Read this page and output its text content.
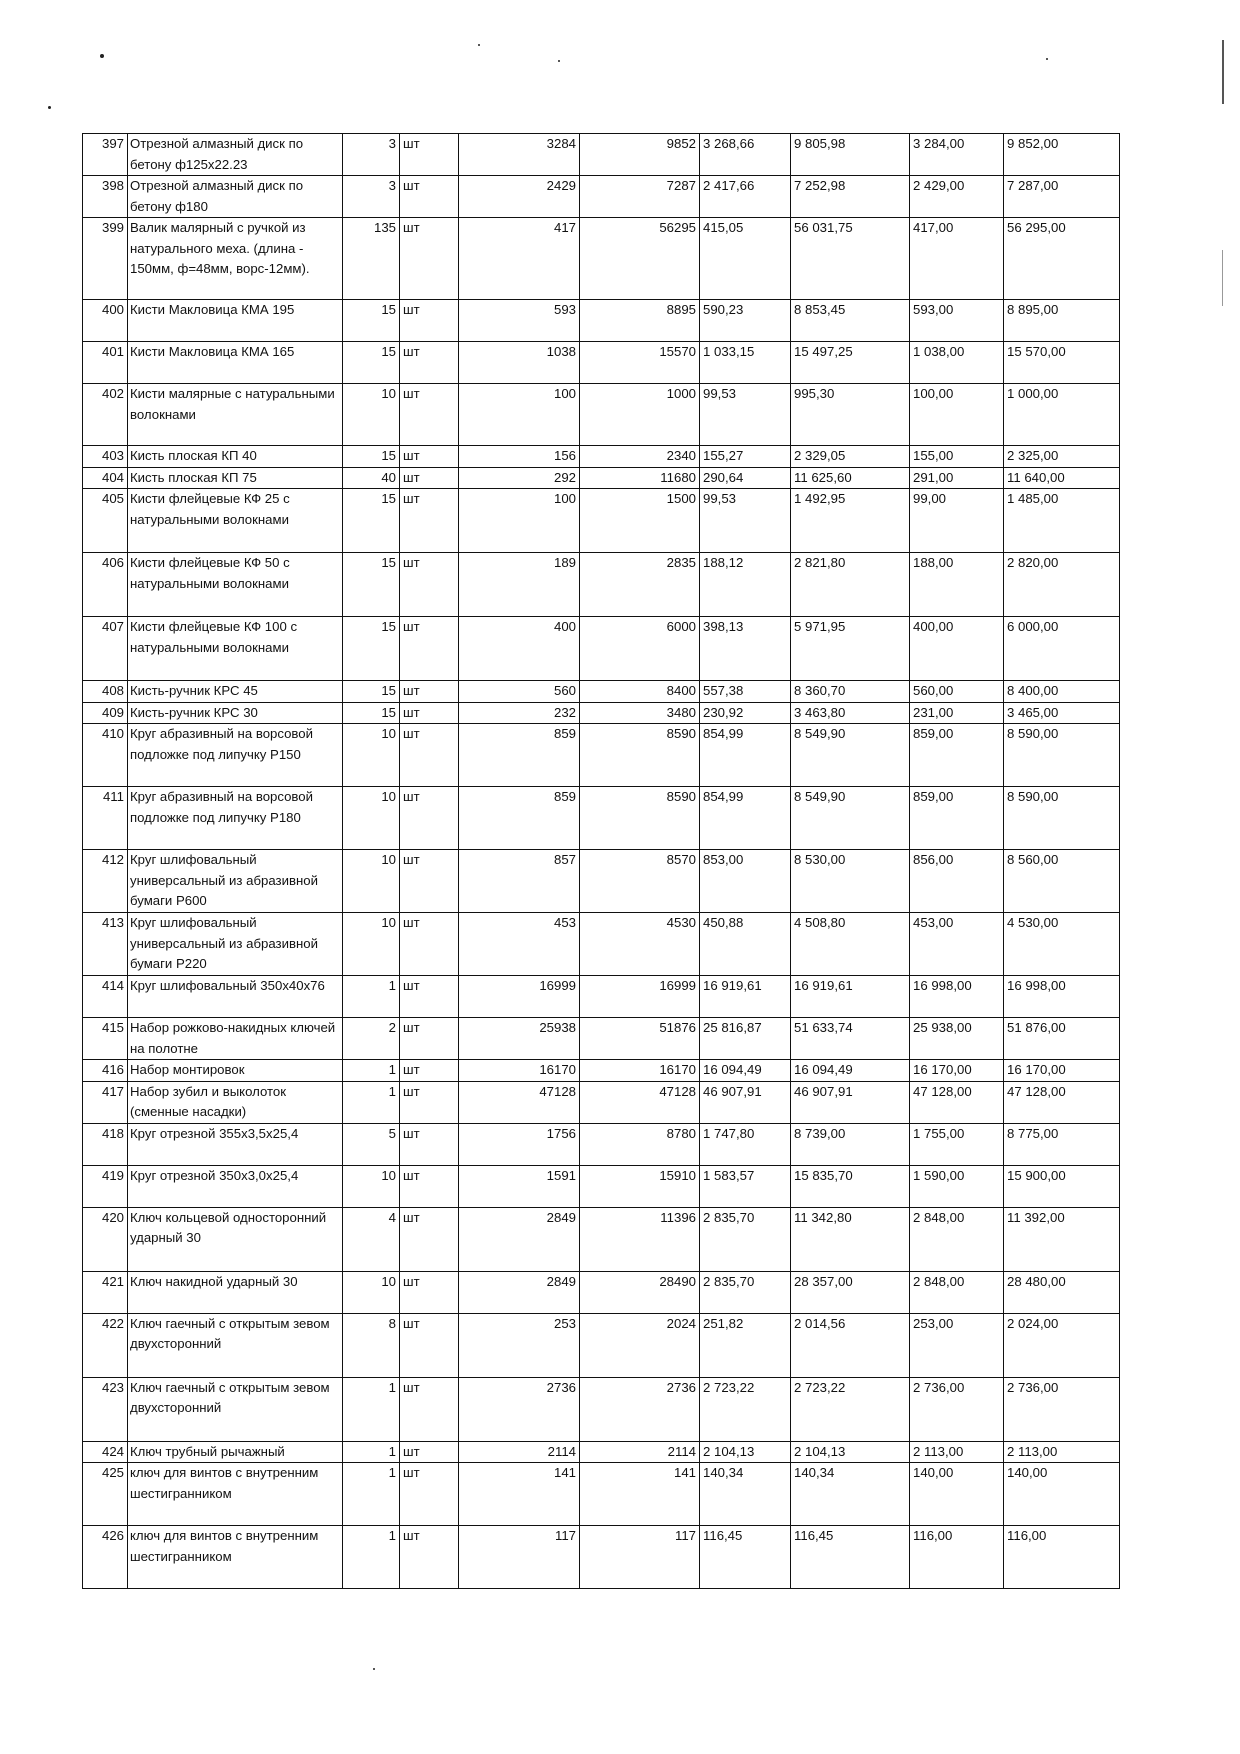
397	Отрезной алмазный диск по бетону ф125х22.23	3	шт	3284	9852	3 268,66	9 805,98	3 284,00	9 852,00
398	Отрезной алмазный диск по бетону ф180	3	шт	2429	7287	2 417,66	7 252,98	2 429,00	7 287,00
399	Валик малярный с ручкой из натурального меха. (длина - 150мм, ф=48мм, ворс-12мм).	135	шт	417	56295	415,05	56 031,75	417,00	56 295,00
400	Кисти Макловица КМА 195	15	шт	593	8895	590,23	8 853,45	593,00	8 895,00
401	Кисти Макловица КМА 165	15	шт	1038	15570	1 033,15	15 497,25	1 038,00	15 570,00
402	Кисти малярные с натуральными волокнами	10	шт	100	1000	99,53	995,30	100,00	1 000,00
403	Кисть плоская КП 40	15	шт	156	2340	155,27	2 329,05	155,00	2 325,00
404	Кисть плоская КП 75	40	шт	292	11680	290,64	11 625,60	291,00	11 640,00
405	Кисти флейцевые КФ 25 с натуральными волокнами	15	шт	100	1500	99,53	1 492,95	99,00	1 485,00
406	Кисти флейцевые КФ 50 с натуральными волокнами	15	шт	189	2835	188,12	2 821,80	188,00	2 820,00
407	Кисти флейцевые КФ 100 с натуральными волокнами	15	шт	400	6000	398,13	5 971,95	400,00	6 000,00
408	Кисть-ручник КРС 45	15	шт	560	8400	557,38	8 360,70	560,00	8 400,00
409	Кисть-ручник КРС 30	15	шт	232	3480	230,92	3 463,80	231,00	3 465,00
410	Круг абразивный на ворсовой подложке под липучку Р150	10	шт	859	8590	854,99	8 549,90	859,00	8 590,00
411	Круг абразивный на ворсовой подложке под липучку Р180	10	шт	859	8590	854,99	8 549,90	859,00	8 590,00
412	Круг шлифовальный универсальный из абразивной бумаги Р600	10	шт	857	8570	853,00	8 530,00	856,00	8 560,00
413	Круг шлифовальный универсальный из абразивной бумаги Р220	10	шт	453	4530	450,88	4 508,80	453,00	4 530,00
414	Круг шлифовальный 350х40х76	1	шт	16999	16999	16 919,61	16 919,61	16 998,00	16 998,00
415	Набор рожково-накидных ключей на полотне	2	шт	25938	51876	25 816,87	51 633,74	25 938,00	51 876,00
416	Набор монтировок	1	шт	16170	16170	16 094,49	16 094,49	16 170,00	16 170,00
417	Набор зубил и выколоток (сменные насадки)	1	шт	47128	47128	46 907,91	46 907,91	47 128,00	47 128,00
418	Круг отрезной 355х3,5х25,4	5	шт	1756	8780	1 747,80	8 739,00	1 755,00	8 775,00
419	Круг отрезной 350х3,0х25,4	10	шт	1591	15910	1 583,57	15 835,70	1 590,00	15 900,00
420	Ключ кольцевой односторонний ударный 30	4	шт	2849	11396	2 835,70	11 342,80	2 848,00	11 392,00
421	Ключ накидной ударный 30	10	шт	2849	28490	2 835,70	28 357,00	2 848,00	28 480,00
422	Ключ гаечный с открытым зевом двухсторонний	8	шт	253	2024	251,82	2 014,56	253,00	2 024,00
423	Ключ гаечный с открытым зевом двухсторонний	1	шт	2736	2736	2 723,22	2 723,22	2 736,00	2 736,00
424	Ключ трубный рычажный	1	шт	2114	2114	2 104,13	2 104,13	2 113,00	2 113,00
425	ключ для винтов с внутренним шестигранником	1	шт	141	141	140,34	140,34	140,00	140,00
426	ключ для винтов с внутренним шестигранником	1	шт	117	117	116,45	116,45	116,00	116,00
